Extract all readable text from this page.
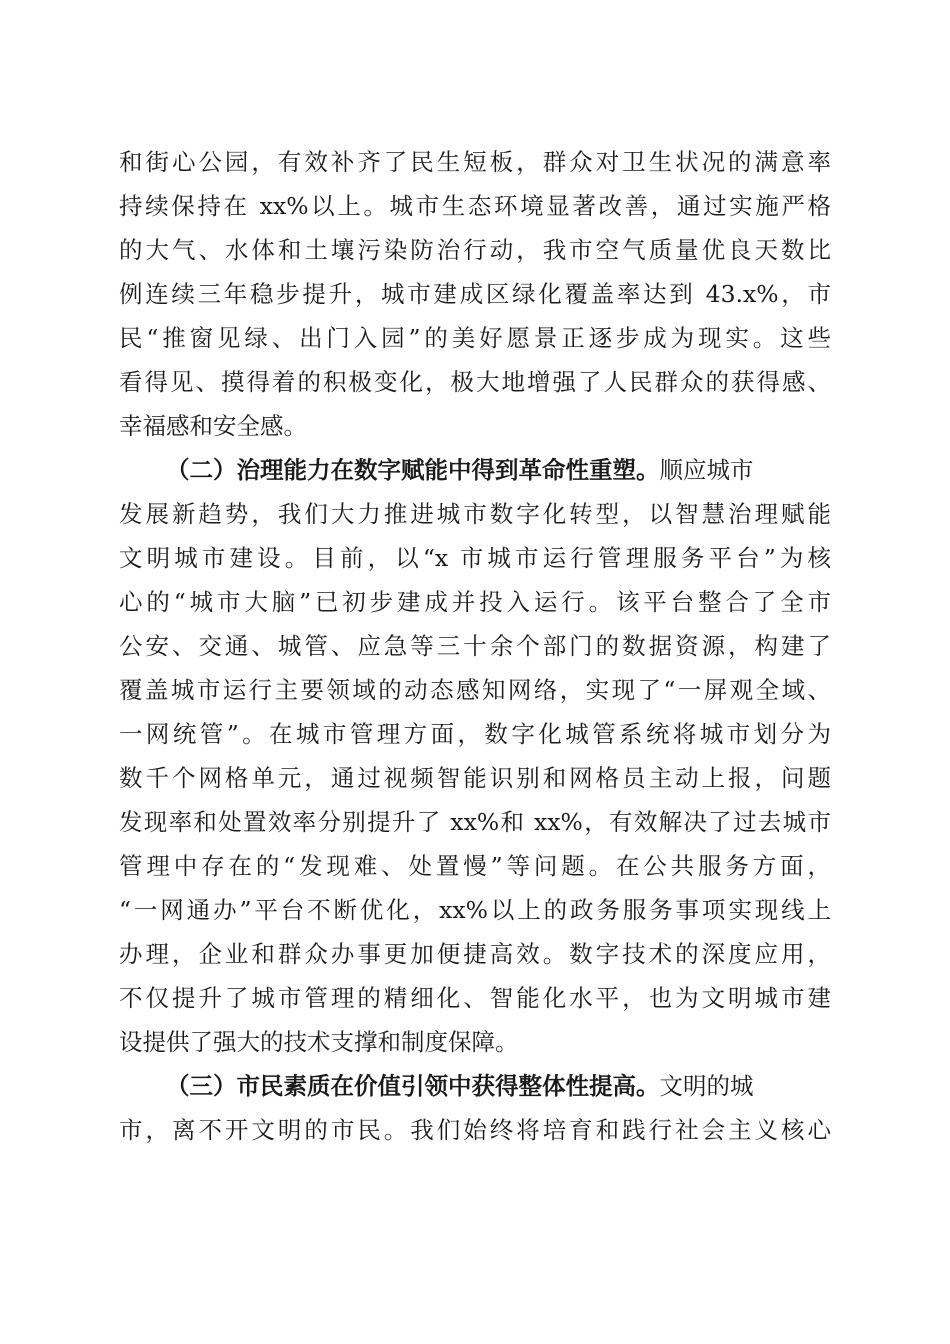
和街心公园，有效补齐了民生短板，群众对卫生状况的满意率
持续保持在 xx%以上。城市生态环境显著改善，通过实施严格
的大气、水体和土壤污染防治行动，我市空气质量优良天数比
例连续三年稳步提升，城市建成区绿化覆盖率达到 43.x%，市
民“推窗见绿、出门入园”的美好愿景正逐步成为现实。这些
看得见、摸得着的积极变化，极大地增强了人民群众的获得感、
幸福感和安全感。
（二）治理能力在数字赋能中得到革命性重塑。顺应城市
发展新趋势，我们大力推进城市数字化转型，以智慧治理赋能
文明城市建设。目前，以“x 市城市运行管理服务平台”为核
心的“城市大脑”已初步建成并投入运行。该平台整合了全市
公安、交通、城管、应急等三十余个部门的数据资源，构建了
覆盖城市运行主要领域的动态感知网络，实现了“一屏观全域、
一网统管”。在城市管理方面，数字化城管系统将城市划分为
数千个网格单元，通过视频智能识别和网格员主动上报，问题
发现率和处置效率分别提升了 xx%和 xx%，有效解决了过去城市
管理中存在的“发现难、处置慢”等问题。在公共服务方面，
“一网通办”平台不断优化，xx%以上的政务服务事项实现线上
办理，企业和群众办事更加便捷高效。数字技术的深度应用，
不仅提升了城市管理的精细化、智能化水平，也为文明城市建
设提供了强大的技术支撑和制度保障。
（三）市民素质在价值引领中获得整体性提高。文明的城
市，离不开文明的市民。我们始终将培育和践行社会主义核心
